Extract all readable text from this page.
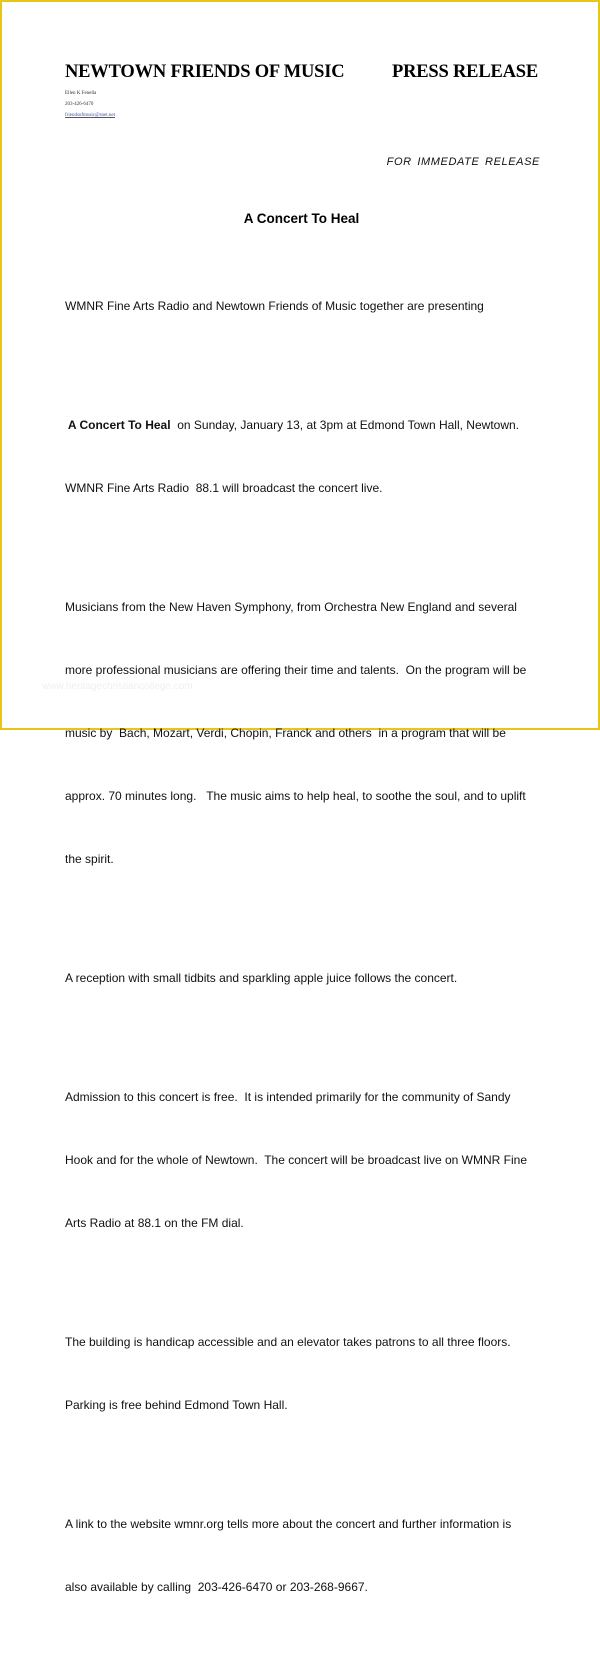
NEWTOWN FRIENDS OF MUSIC	PRESS RELEASE
Ellen K Fenella
203-426-6470
friendsofmusic@snet.net
FOR IMMEDATE RELEASE
A Concert To Heal

WMNR Fine Arts Radio and Newtown Friends of Music together are presenting

A Concert To Heal  on Sunday, January 13, at 3pm at Edmond Town Hall, Newtown.

WMNR Fine Arts Radio  88.1 will broadcast the concert live.

Musicians from the New Haven Symphony, from Orchestra New England and several

more professional musicians are offering their time and talents.  On the program will be

music by  Bach, Mozart, Verdi, Chopin, Franck and others  in a program that will be

approx. 70 minutes long.   The music aims to help heal, to soothe the soul, and to uplift

the spirit.

A reception with small tidbits and sparkling apple juice follows the concert.

Admission to this concert is free.  It is intended primarily for the community of Sandy

Hook and for the whole of Newtown.  The concert will be broadcast live on WMNR Fine

Arts Radio at 88.1 on the FM dial.

The building is handicap accessible and an elevator takes patrons to all three floors.

Parking is free behind Edmond Town Hall.

A link to the website wmnr.org tells more about the concert and further information is

also available by calling  203-426-6470 or 203-268-9667.

www.heritagechristiancollege.com
